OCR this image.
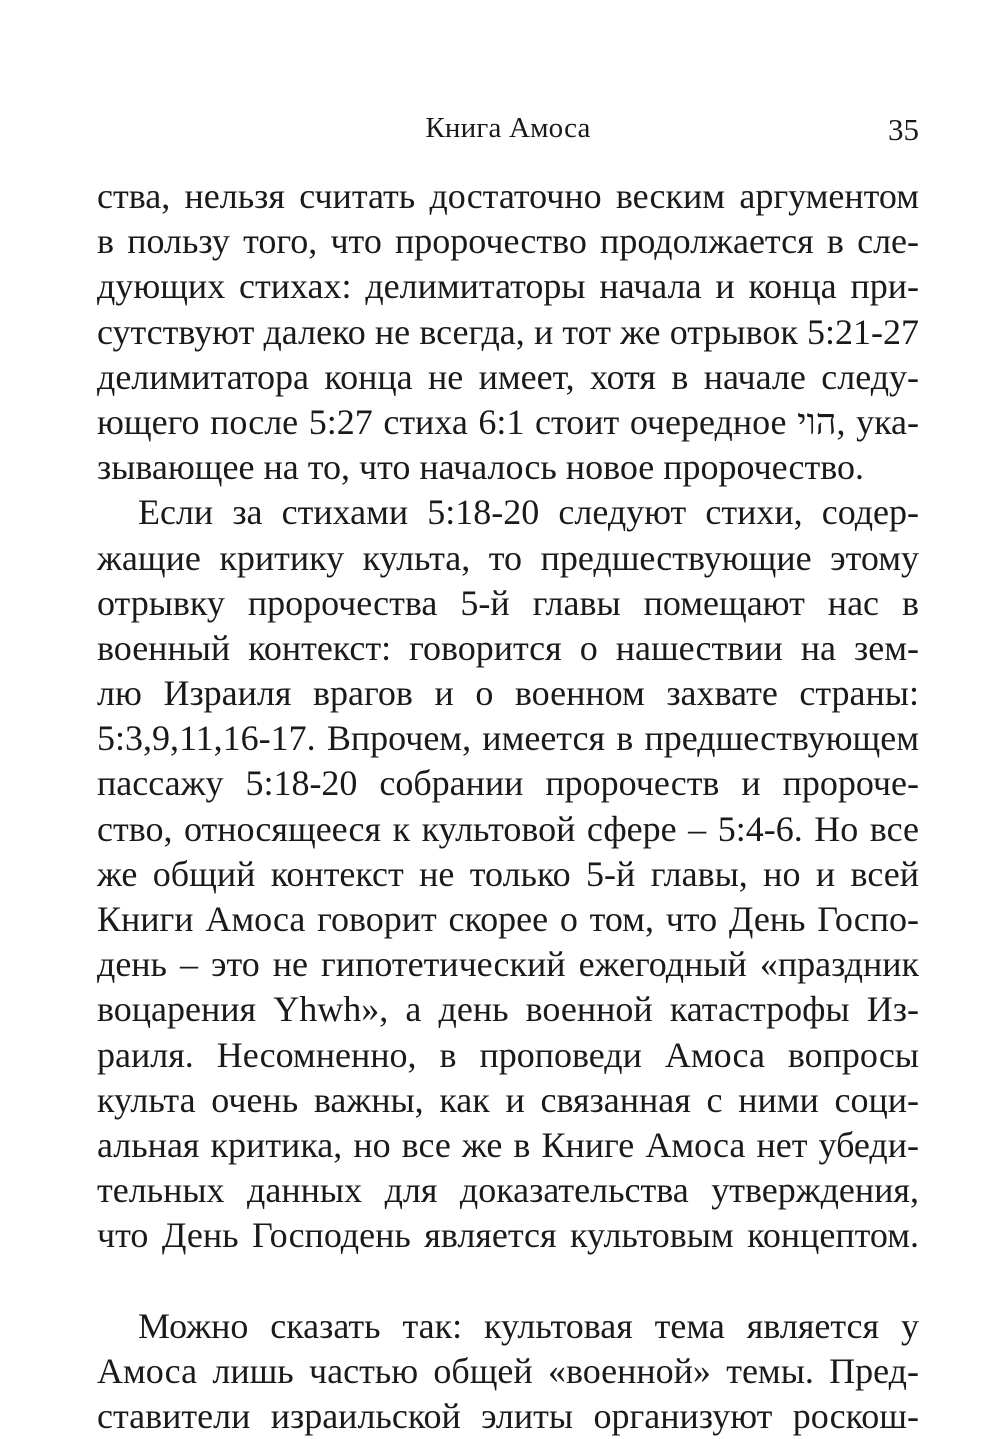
Книга Амоса	35
ства, нельзя считать достаточно веским аргументом
в пользу того, что пророчество продолжается в сле-
дующих стихах: делимитаторы начала и конца при-
сутствуют далеко не всегда, и тот же отрывок 5:21-27
делимитатора конца не имеет, хотя в начале следу-
ющего после 5:27 стиха 6:1 стоит очередное הוי, ука-
зывающее на то, что началось новое пророчество.
Если за стихами 5:18-20 следуют стихи, содер-
жащие критику культа, то предшествующие этому
отрывку пророчества 5-й главы помещают нас в
военный контекст: говорится о нашествии на зем-
лю Израиля врагов и о военном захвате страны:
5:3,9,11,16-17. Впрочем, имеется в предшествующем
пассажу 5:18-20 собрании пророчеств и пророче-
ство, относящееся к культовой сфере – 5:4-6. Но все
же общий контекст не только 5-й главы, но и всей
Книги Амоса говорит скорее о том, что День Госпо-
день – это не гипотетический ежегодный «праздник
воцарения Yhwh», а день военной катастрофы Из-
раиля. Несомненно, в проповеди Амоса вопросы
культа очень важны, как и связанная с ними соци-
альная критика, но все же в Книге Амоса нет убеди-
тельных данных для доказательства утверждения,
что День Господень является культовым концептом.
Можно сказать так: культовая тема является у
Амоса лишь частью общей «военной» темы. Пред-
ставители израильской элиты организуют роскош-
